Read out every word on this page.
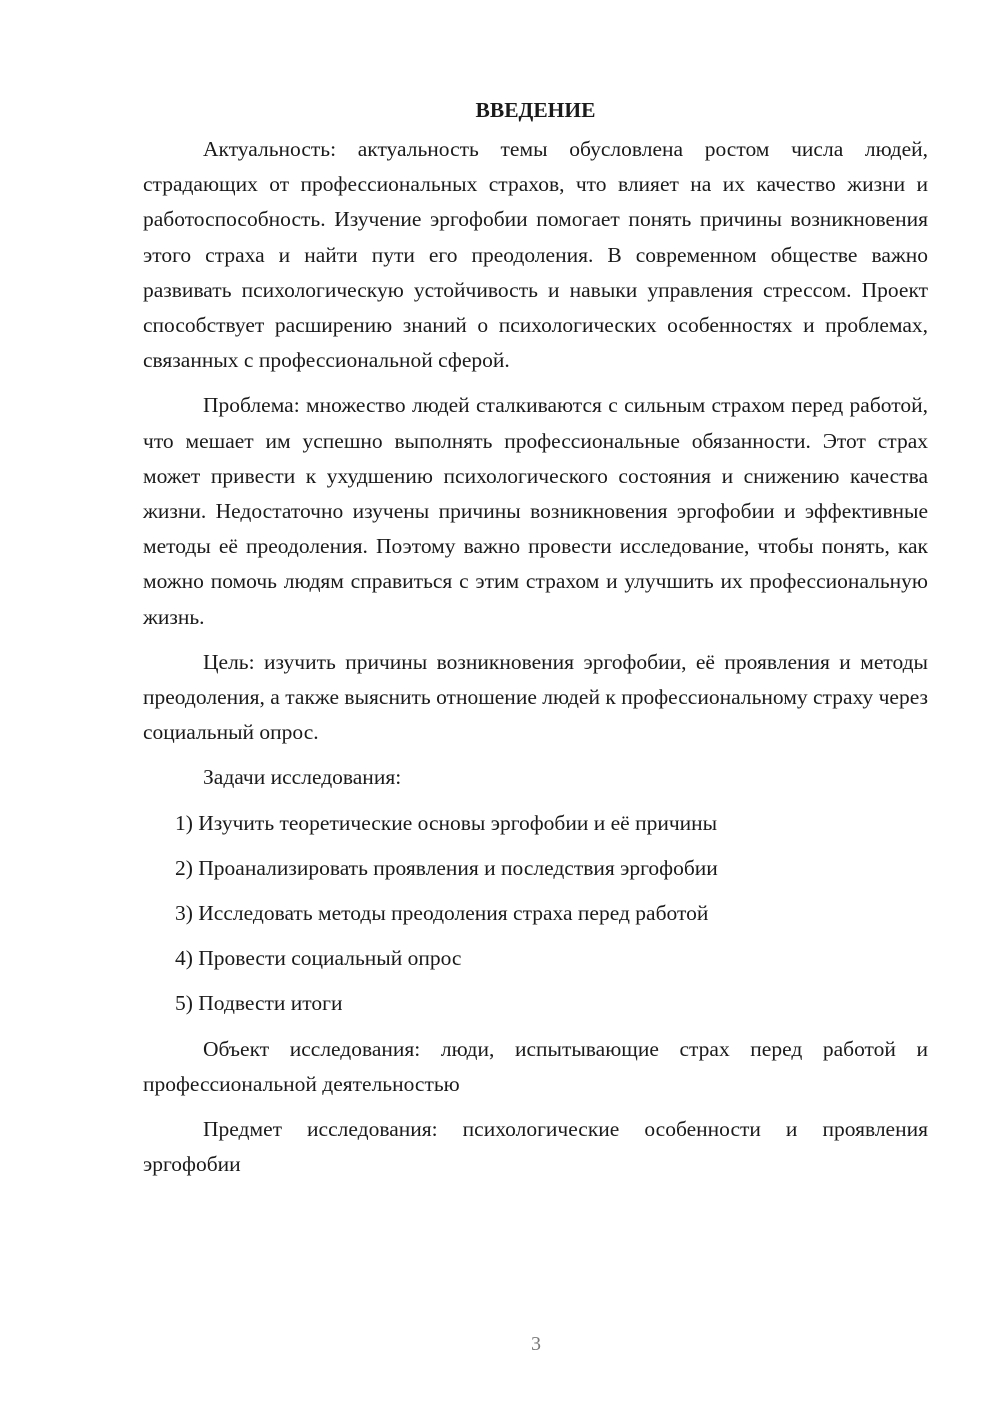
ВВЕДЕНИЕ

Актуальность: актуальность темы обусловлена ростом числа людей, страдающих от профессиональных страхов, что влияет на их качество жизни и работоспособность. Изучение эргофобии помогает понять причины возникновения этого страха и найти пути его преодоления. В современном обществе важно развивать психологическую устойчивость и навыки управления стрессом. Проект способствует расширению знаний о психологических особенностях и проблемах, связанных с профессиональной сферой.

Проблема: множество людей сталкиваются с сильным страхом перед работой, что мешает им успешно выполнять профессиональные обязанности. Этот страх может привести к ухудшению психологического состояния и снижению качества жизни. Недостаточно изучены причины возникновения эргофобии и эффективные методы её преодоления. Поэтому важно провести исследование, чтобы понять, как можно помочь людям справиться с этим страхом и улучшить их профессиональную жизнь.

Цель: изучить причины возникновения эргофобии, её проявления и методы преодоления, а также выяснить отношение людей к профессиональному страху через социальный опрос.

Задачи исследования:

1) Изучить теоретические основы эргофобии и её причины
2) Проанализировать проявления и последствия эргофобии
3) Исследовать методы преодоления страха перед работой
4) Провести социальный опрос
5) Подвести итоги

Объект исследования: люди, испытывающие страх перед работой и профессиональной деятельностью

Предмет исследования: психологические особенности и проявления эргофобии

3
